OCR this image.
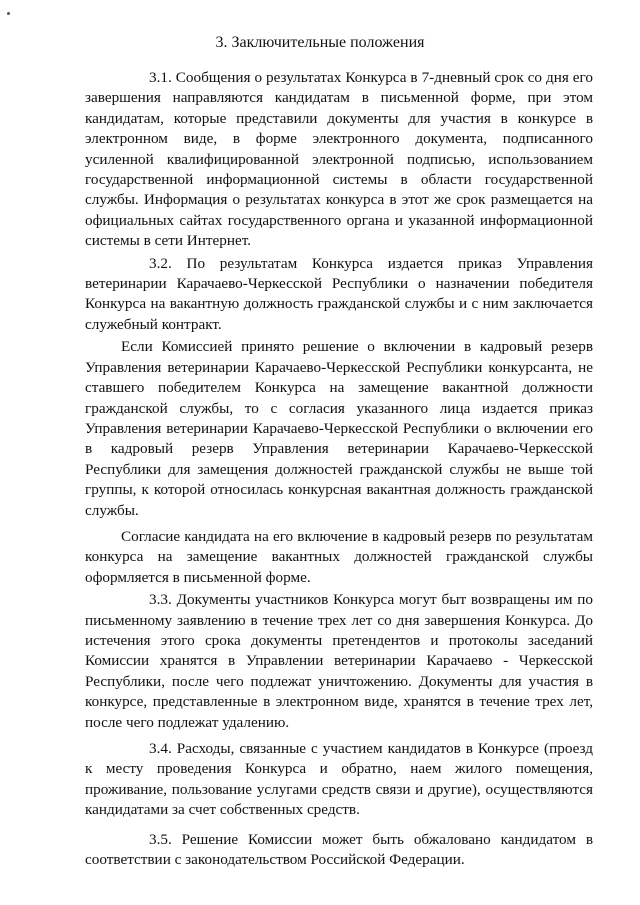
3. Заключительные положения

3.1. Сообщения о результатах Конкурса в 7-дневный срок со дня его завершения направляются кандидатам в письменной форме, при этом кандидатам, которые представили документы для участия в конкурсе в электронном виде, в форме электронного документа, подписанного усиленной квалифицированной электронной подписью, использованием государственной информационной системы в области государственной службы. Информация о результатах конкурса в этот же срок размещается на официальных сайтах государственного органа и указанной информационной системы в сети Интернет.

3.2. По результатам Конкурса издается приказ Управления ветеринарии Карачаево-Черкесской Республики о назначении победителя Конкурса на вакантную должность гражданской службы и с ним заключается служебный контракт.

Если Комиссией принято решение о включении в кадровый резерв Управления ветеринарии Карачаево-Черкесской Республики конкурсанта, не ставшего победителем Конкурса на замещение вакантной должности гражданской службы, то с согласия указанного лица издается приказ Управления ветеринарии Карачаево-Черкесской Республики о включении его в кадровый резерв Управления ветеринарии Карачаево-Черкесской Республики для замещения должностей гражданской службы не выше той группы, к которой относилась конкурсная вакантная должность гражданской службы.

Согласие кандидата на его включение в кадровый резерв по результатам конкурса на замещение вакантных должностей гражданской службы оформляется в письменной форме.

3.3. Документы участников Конкурса могут быт возвращены им по письменному заявлению в течение трех лет со дня завершения Конкурса. До истечения этого срока документы претендентов и протоколы заседаний Комиссии хранятся в Управлении ветеринарии Карачаево - Черкесской Республики, после чего подлежат уничтожению. Документы для участия в конкурсе, представленные в электронном виде, хранятся в течение трех лет, после чего подлежат удалению.

3.4. Расходы, связанные с участием кандидатов в Конкурсе (проезд к месту проведения Конкурса и обратно, наем жилого помещения, проживание, пользование услугами средств связи и другие), осуществляются кандидатами за счет собственных средств.

3.5. Решение Комиссии может быть обжаловано кандидатом в соответствии с законодательством Российской Федерации.
